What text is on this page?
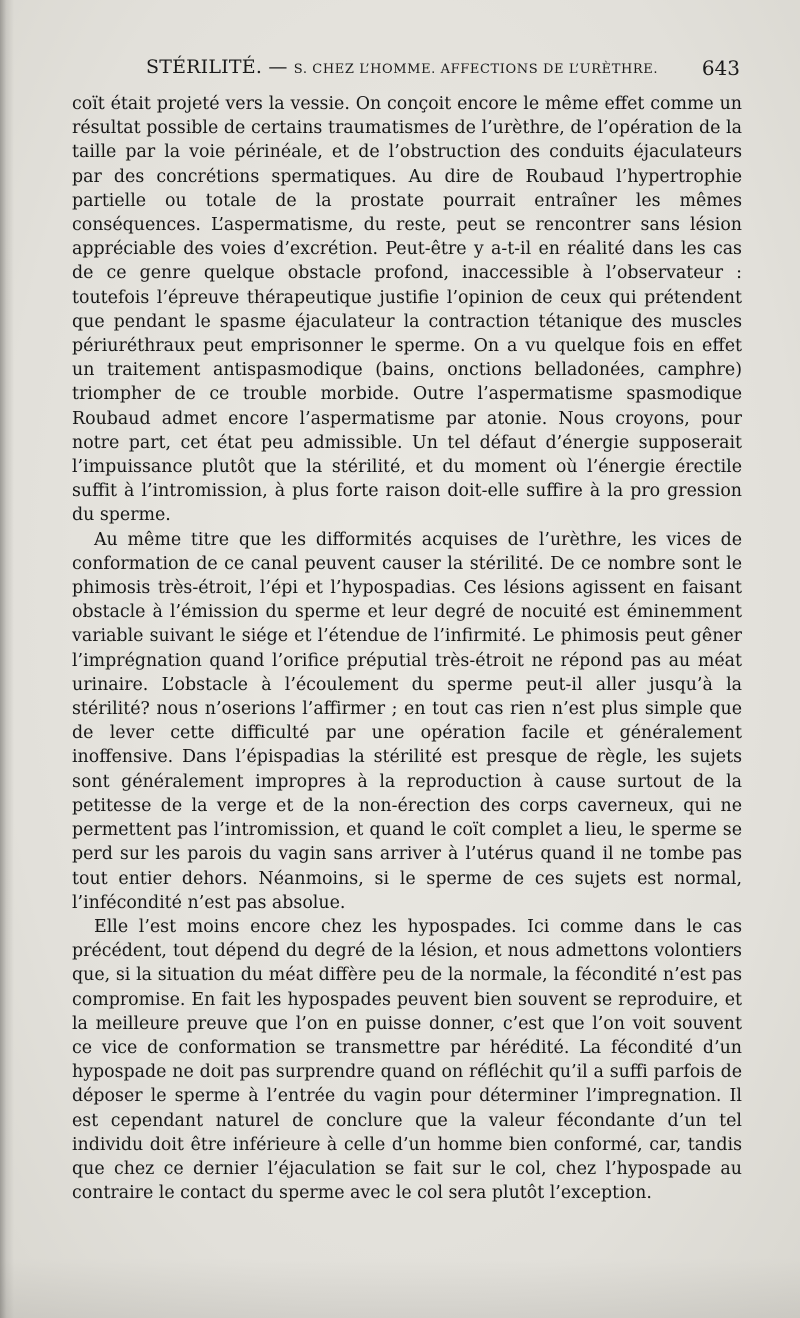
STÉRILITÉ. — S. CHEZ L’HOMME. AFFECTIONS DE L’URÈTHRE. 643

coït était projeté vers la vessie. On conçoit encore le même effet comme un résultat possible de certains traumatismes de l’urèthre, de l’opération de la taille par la voie périnéale, et de l’obstruction des conduits éjaculateurs par des concrétions spermatiques. Au dire de Roubaud l’hypertrophie partielle ou totale de la prostate pourrait entraîner les mêmes conséquences. L’aspermatisme, du reste, peut se rencontrer sans lésion appréciable des voies d’excrétion. Peut-être y a-t-il en réalité dans les cas de ce genre quelque obstacle profond, inaccessible à l’observateur : toutefois l’épreuve thérapeutique justifie l’opinion de ceux qui prétendent que pendant le spasme éjaculateur la contraction tétanique des muscles périuréthraux peut emprisonner le sperme. On a vu quelque fois en effet un traitement antispasmodique (bains, onctions belladonées, camphre) triompher de ce trouble morbide. Outre l’aspermatisme spasmodique Roubaud admet encore l’aspermatisme par atonie. Nous croyons, pour notre part, cet état peu admissible. Un tel défaut d’énergie supposerait l’impuissance plutôt que la stérilité, et du moment où l’énergie érectile suffit à l’intromission, à plus forte raison doit-elle suffire à la pro gression du sperme.

Au même titre que les difformités acquises de l’urèthre, les vices de conformation de ce canal peuvent causer la stérilité. De ce nombre sont le phimosis très-étroit, l’épi et l’hypospadias. Ces lésions agissent en faisant obstacle à l’émission du sperme et leur degré de nocuité est éminemment variable suivant le siége et l’étendue de l’infirmité. Le phimosis peut gêner l’imprégnation quand l’orifice préputial très-étroit ne répond pas au méat urinaire. L’obstacle à l’écoulement du sperme peut-il aller jusqu’à la stérilité? nous n’oserions l’affirmer ; en tout cas rien n’est plus simple que de lever cette difficulté par une opération facile et généralement inoffensive. Dans l’épispadias la stérilité est presque de règle, les sujets sont généralement impropres à la reproduction à cause surtout de la petitesse de la verge et de la non-érection des corps caverneux, qui ne permettent pas l’intromission, et quand le coït complet a lieu, le sperme se perd sur les parois du vagin sans arriver à l’utérus quand il ne tombe pas tout entier dehors. Néanmoins, si le sperme de ces sujets est normal, l’infécondité n’est pas absolue.

Elle l’est moins encore chez les hypospades. Ici comme dans le cas précédent, tout dépend du degré de la lésion, et nous admettons volontiers que, si la situation du méat diffère peu de la normale, la fécondité n’est pas compromise. En fait les hypospades peuvent bien souvent se reproduire, et la meilleure preuve que l’on en puisse donner, c’est que l’on voit souvent ce vice de conformation se transmettre par hérédité. La fécondité d’un hypospade ne doit pas surprendre quand on réfléchit qu’il a suffi parfois de déposer le sperme à l’entrée du vagin pour déterminer l’impregnation. Il est cependant naturel de conclure que la valeur fécondante d’un tel individu doit être inférieure à celle d’un homme bien conformé, car, tandis que chez ce dernier l’éjaculation se fait sur le col, chez l’hypospade au contraire le contact du sperme avec le col sera plutôt l’exception.
